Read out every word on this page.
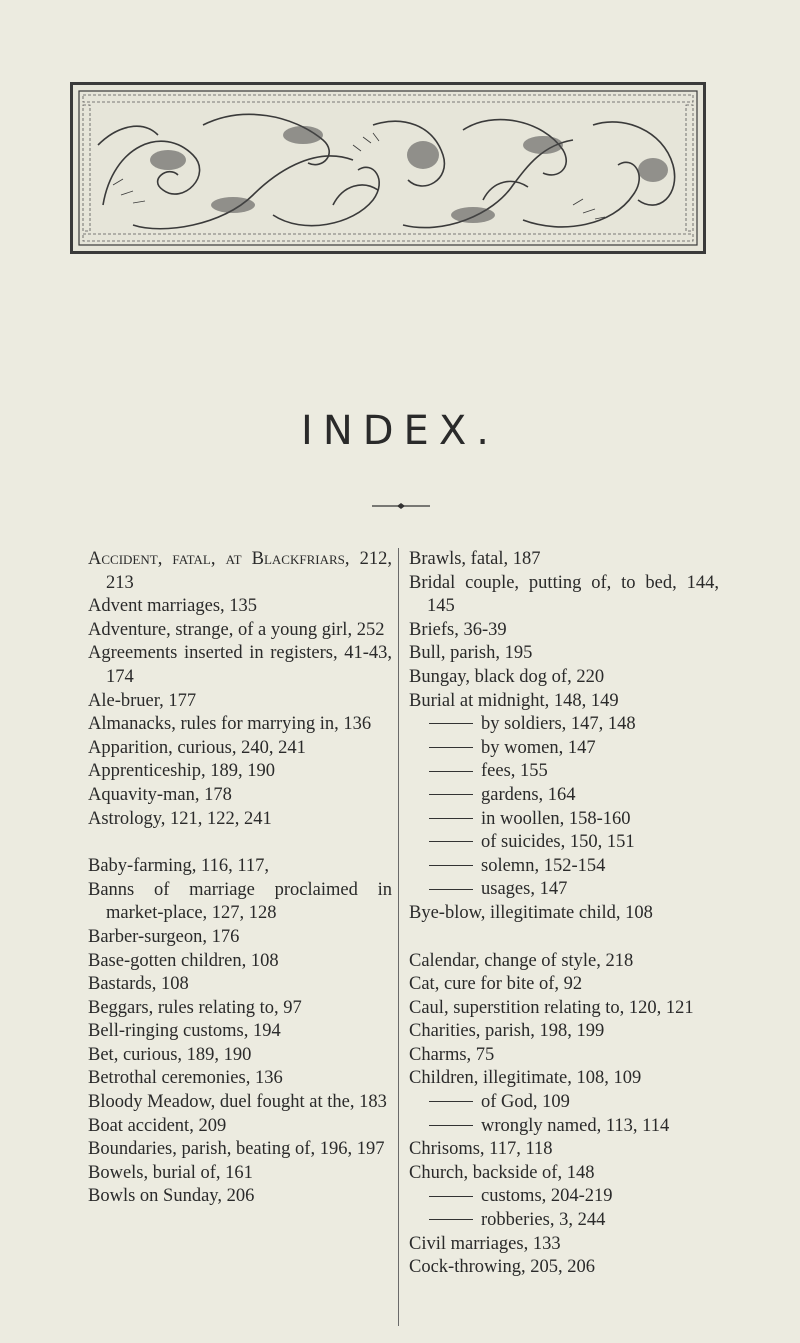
INDEX.

Accident, fatal, at Blackfriars, 212, 213

Advent marriages, 135

Adventure, strange, of a young girl, 252

Agreements inserted in registers, 41-43, 174

Ale-bruer, 177

Almanacks, rules for marrying in, 136

Apparition, curious, 240, 241

Apprenticeship, 189, 190

Aquavity-man, 178

Astrology, 121, 122, 241

Baby-farming, 116, 117,

Banns of marriage proclaimed in market-place, 127, 128

Barber-surgeon, 176

Base-gotten children, 108

Bastards, 108

Beggars, rules relating to, 97

Bell-ringing customs, 194

Bet, curious, 189, 190

Betrothal ceremonies, 136

Bloody Meadow, duel fought at the, 183

Boat accident, 209

Boundaries, parish, beating of, 196, 197

Bowels, burial of, 161

Bowls on Sunday, 206

Brawls, fatal, 187

Bridal couple, putting of, to bed, 144, 145

Briefs, 36-39

Bull, parish, 195

Bungay, black dog of, 220

Burial at midnight, 148, 149

by soldiers, 147, 148

by women, 147

fees, 155

gardens, 164

in woollen, 158-160

of suicides, 150, 151

solemn, 152-154

usages, 147

Bye-blow, illegitimate child, 108

Calendar, change of style, 218

Cat, cure for bite of, 92

Caul, superstition relating to, 120, 121

Charities, parish, 198, 199

Charms, 75

Children, illegitimate, 108, 109

of God, 109

wrongly named, 113, 114

Chrisoms, 117, 118

Church, backside of, 148

customs, 204-219

robberies, 3, 244

Civil marriages, 133

Cock-throwing, 205, 206
